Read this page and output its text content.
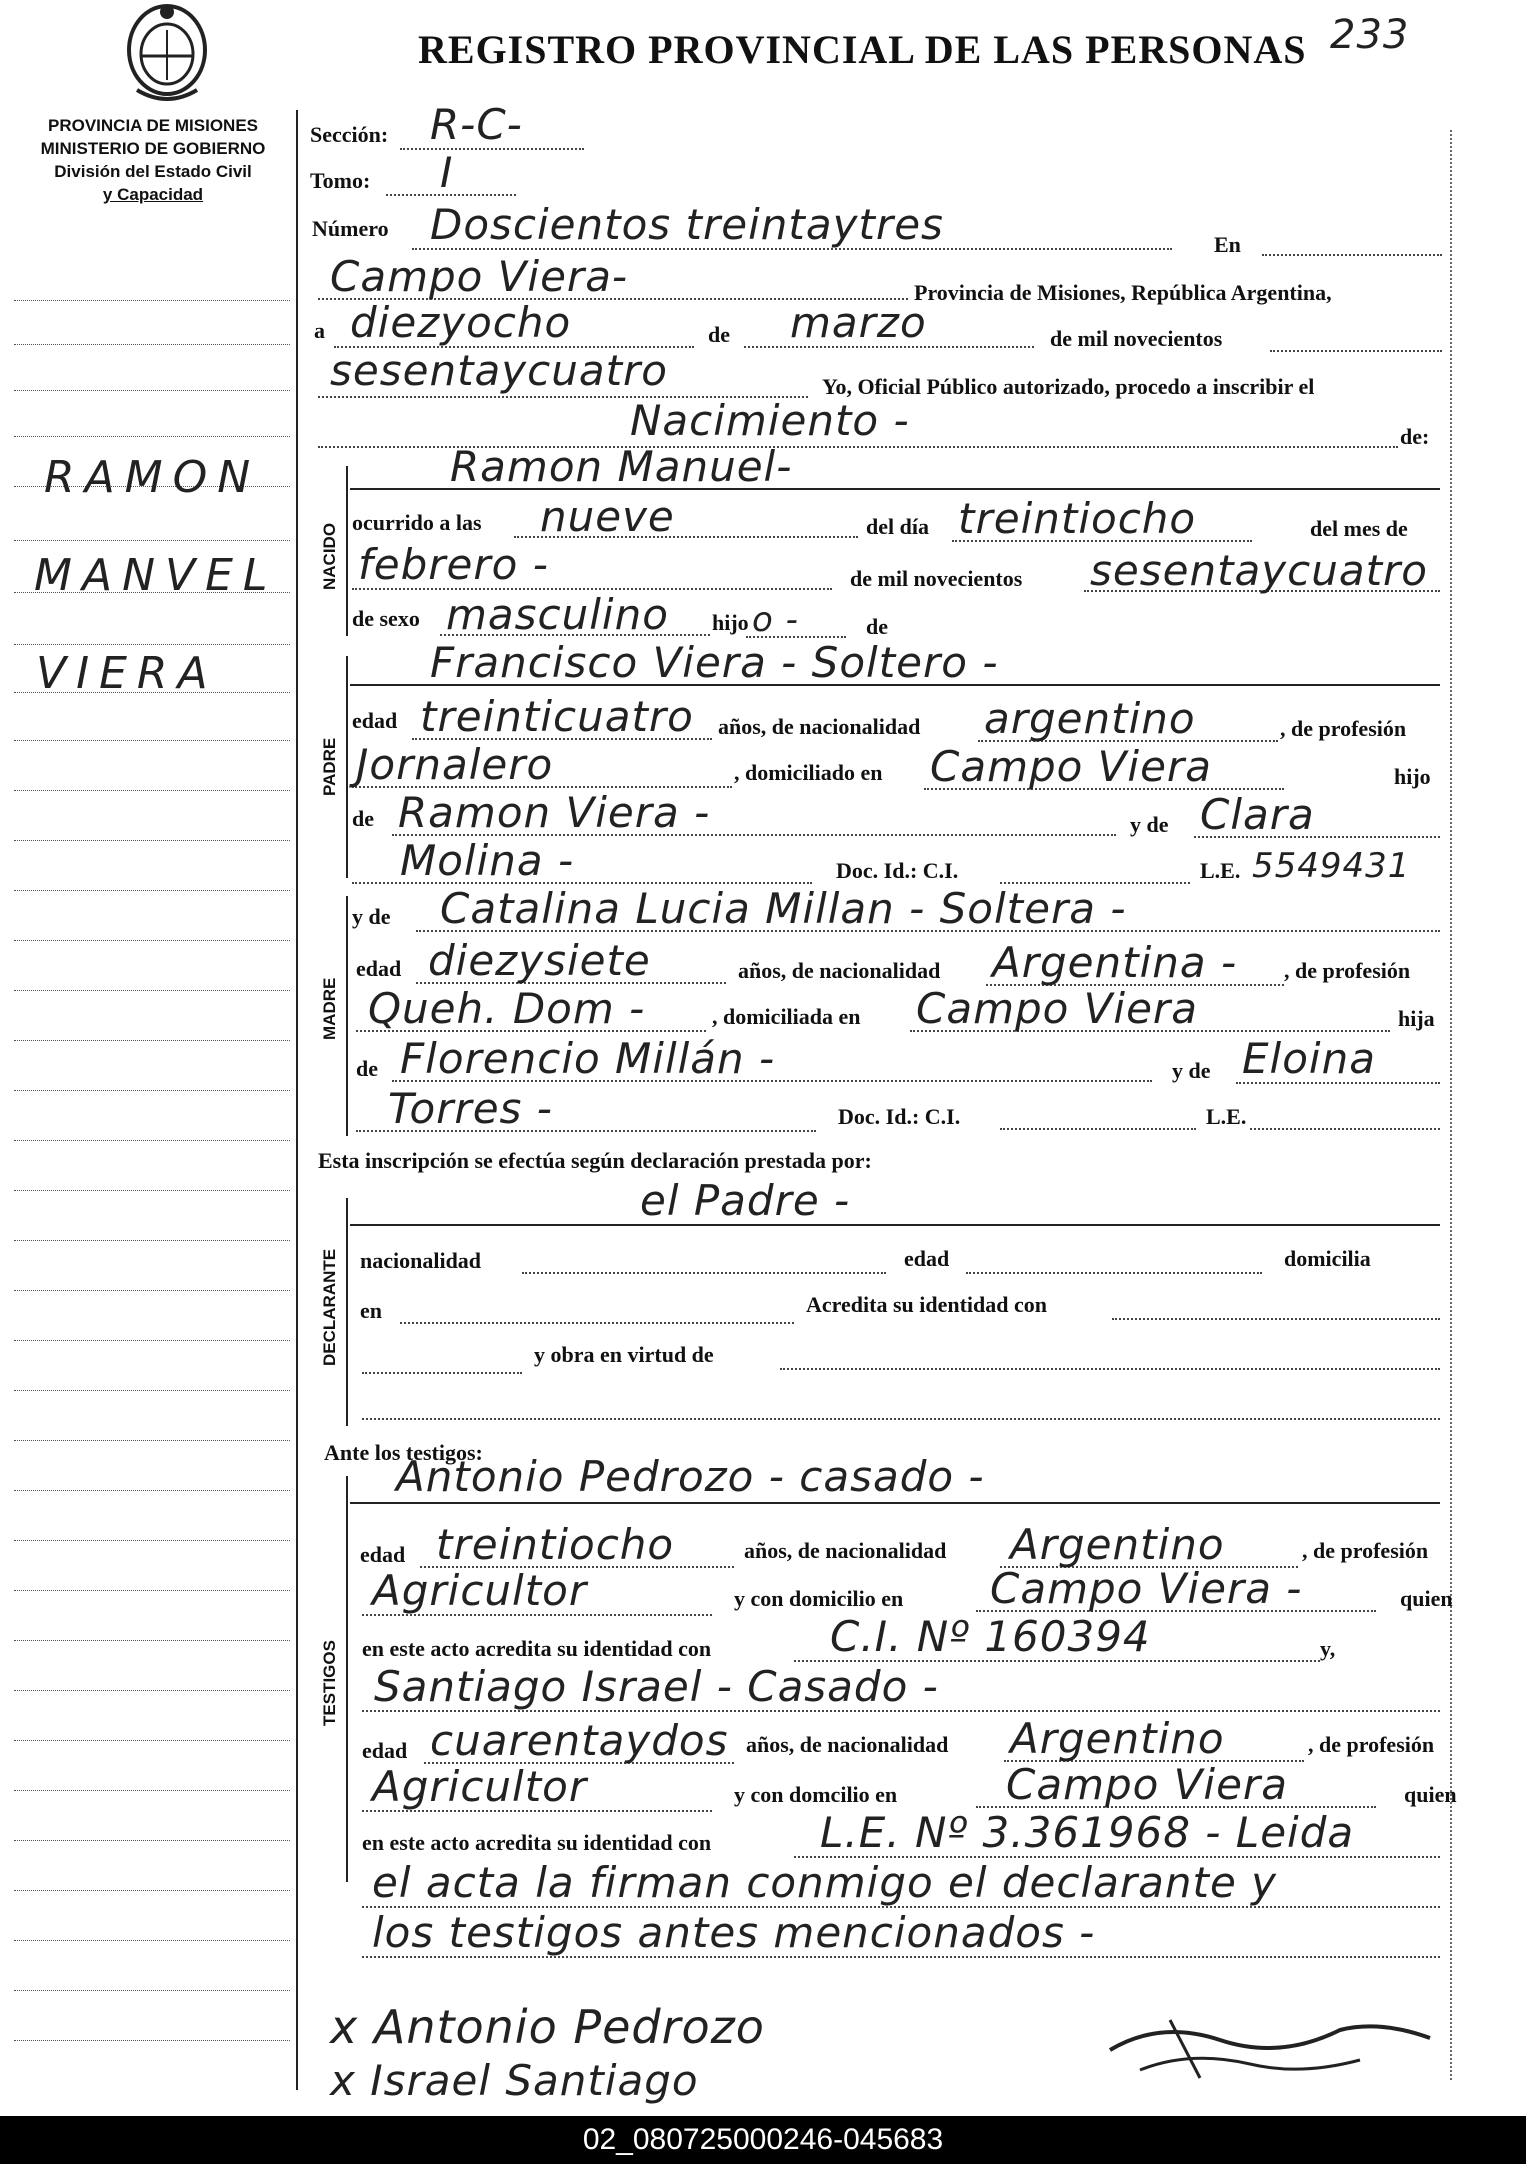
REGISTRO PROVINCIAL DE LAS PERSONAS 233
PROVINCIA DE MISIONES
MINISTERIO DE GOBIERNO
División del Estado Civil
y Capacidad
RAMON
MANVEL
VIERA
Sección: R-C-
Tomo: I
Número Doscientos treintaytres	En
Campo Viera-	Provincia de Misiones, República Argentina,
a diezyocho	de marzo	de mil novecientos
sesentaycuatro	Yo, Oficial Público autorizado, procedo a inscribir el
Nacimiento -	de:
NACIDO
Ramon Manuel-
ocurrido a las nueve	del día treintiocho	del mes de
febrero -	de mil novecientos sesentaycuatro
de sexo masculino hijo o -	de
PADRE
Francisco Viera - Soltero -
edad treinticuatro años, de nacionalidad argentino	, de profesión
Jornalero	, domiciliado en Campo Viera	hijo
de Ramon Viera -	y de Clara
Molina -	Doc. Id.: C.I.	L.E. 5549431
MADRE
y de Catalina Lucia Millan - Soltera -
edad diezysiete	años, de nacionalidad Argentina - , de profesión
Queh. Dom -	, domiciliada en Campo Viera	hija
de Florencio Millán -	y de Eloina
Torres -	Doc. Id.: C.I.	L.E.
Esta inscripción se efectúa según declaración prestada por:
el Padre -
DECLARANTE nacionalidad	edad	domicilia
en	Acredita su identidad con
y obra en virtud de
Ante los testigos:
Antonio Pedrozo - casado -
TESTIGOS
edad treintiocho	años, de nacionalidad Argentino	, de profesión
Agricultor	y con domicilio en Campo Viera -	quien
en este acto acredita su identidad con	C.I. Nº 160394	y,
Santiago Israel - Casado -
edad cuarentaydos años, de nacionalidad Argentino	, de profesión
Agricultor	y con domcilio en	Campo Viera	quien
en este acto acredita su identidad con	L.E. Nº 3.361968 - Leida
el acta la firman conmigo el declarante y
los testigos antes mencionados -
x Antonio Pedrozo
x Israel Santiago
02_080725000246-045683
